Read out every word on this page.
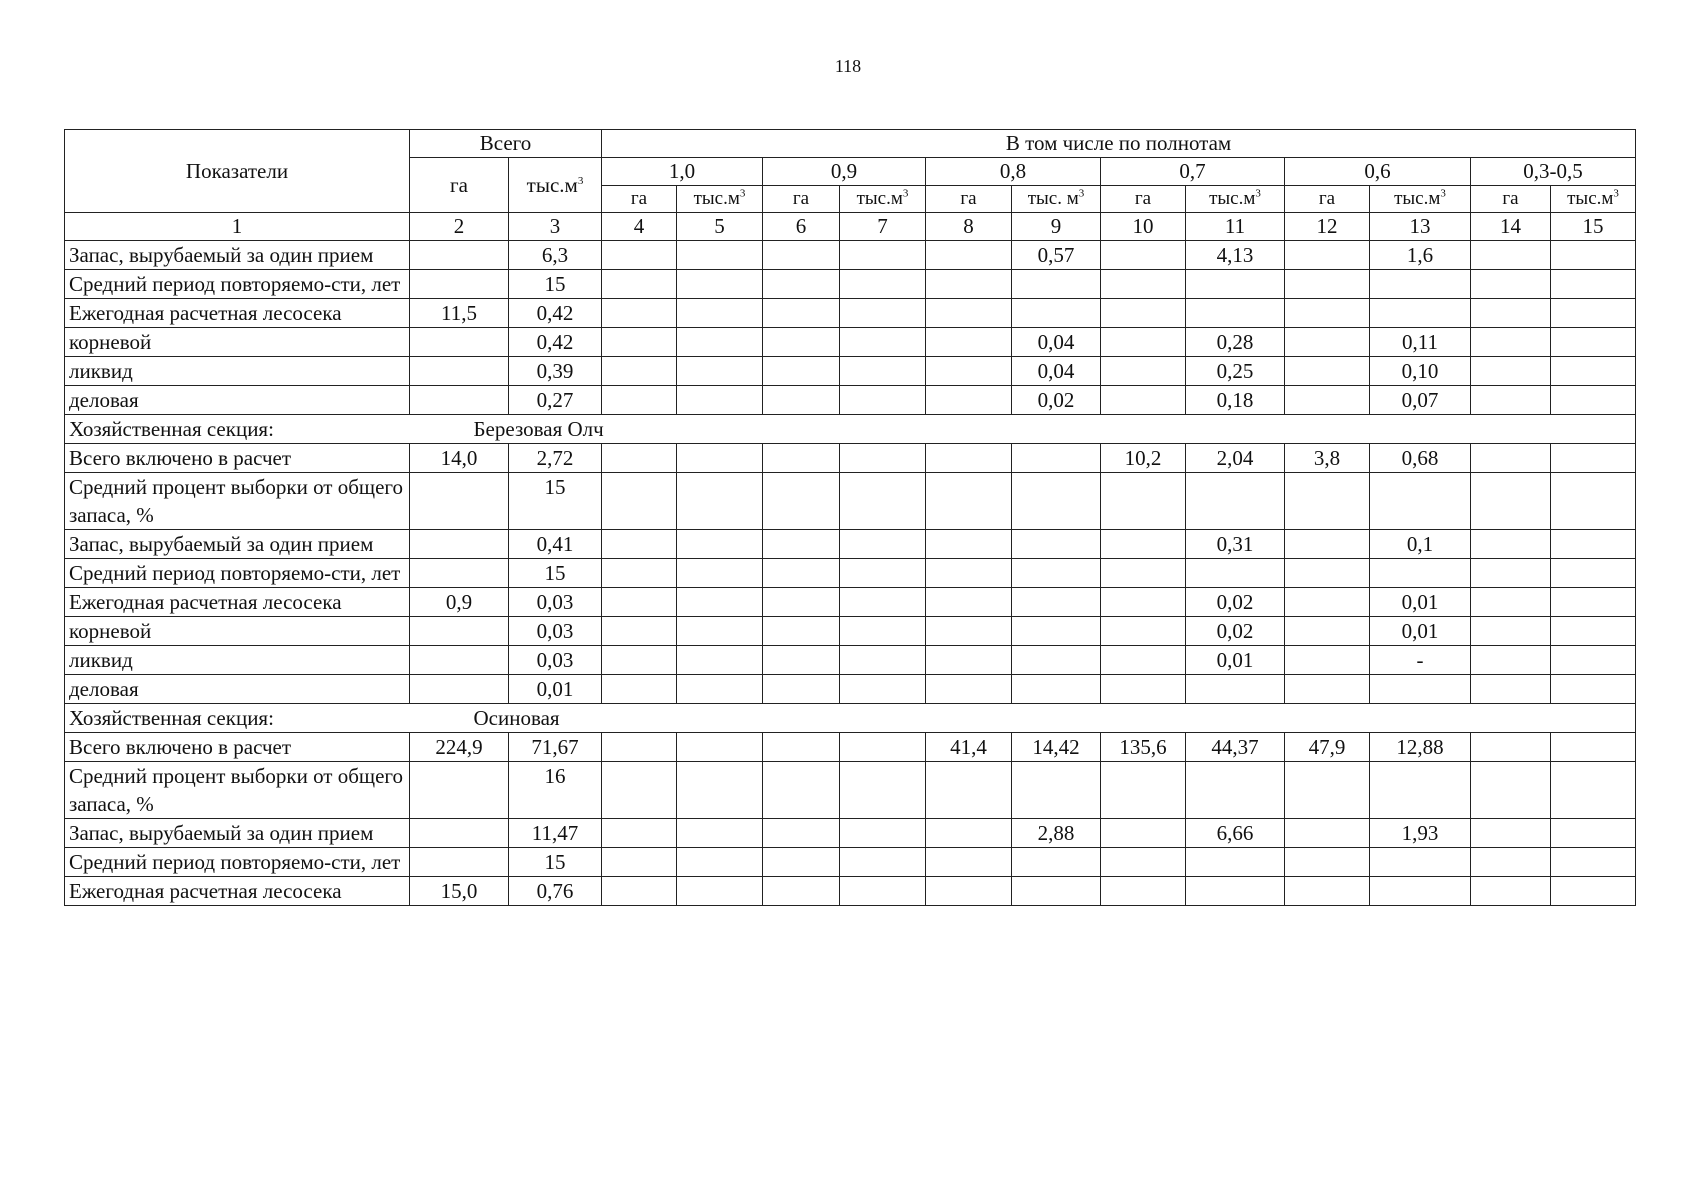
118
Показатели	Всего		В том числе по полнотам											
	га	$тыс.м^3$	1,0		0,9		0,8		0,7		0,6		0,3-0,5	
			га	$тыс.м^3$	га	$тыс.м^3$	га	тыс. $м^3$	га	$тыс.м^3$	га	$тыс.м^3$	га	$тыс.м^3$
1	2	3	4	5	6	7	8	9	10	11	12	13	14	15
Запас, вырубаемый за один прием		6,3						0,57		4,13		1,6		
Средний период повторяемо-сти, лет		15												
Ежегодная расчетная лесосека	11,5	0,42												
корневой		0,42						0,04		0,28		0,11		
ликвид		0,39						0,04		0,25		0,10		
деловая		0,27						0,02		0,18		0,07		
Хозяйственная секция:	Березовая Олч													
Всего включено в расчет	14,0	2,72							10,2	2,04	3,8	0,68		
Средний процент выборки от общего запаса, %		15												
Запас, вырубаемый за один прием		0,41								0,31		0,1		
Средний период повторяемо-сти, лет		15												
Ежегодная расчетная лесосека	0,9	0,03								0,02		0,01		
корневой		0,03								0,02		0,01		
ликвид		0,03								0,01		-		
деловая		0,01												
Хозяйственная секция:	Осиновая													
Всего включено в расчет	224,9	71,67					41,4	14,42	135,6	44,37	47,9	12,88		
Средний процент выборки от общего запаса, %		16												
Запас, вырубаемый за один прием		11,47						2,88		6,66		1,93		
Средний период повторяемо-сти, лет		15												
Ежегодная расчетная лесосека	15,0	0,76												
